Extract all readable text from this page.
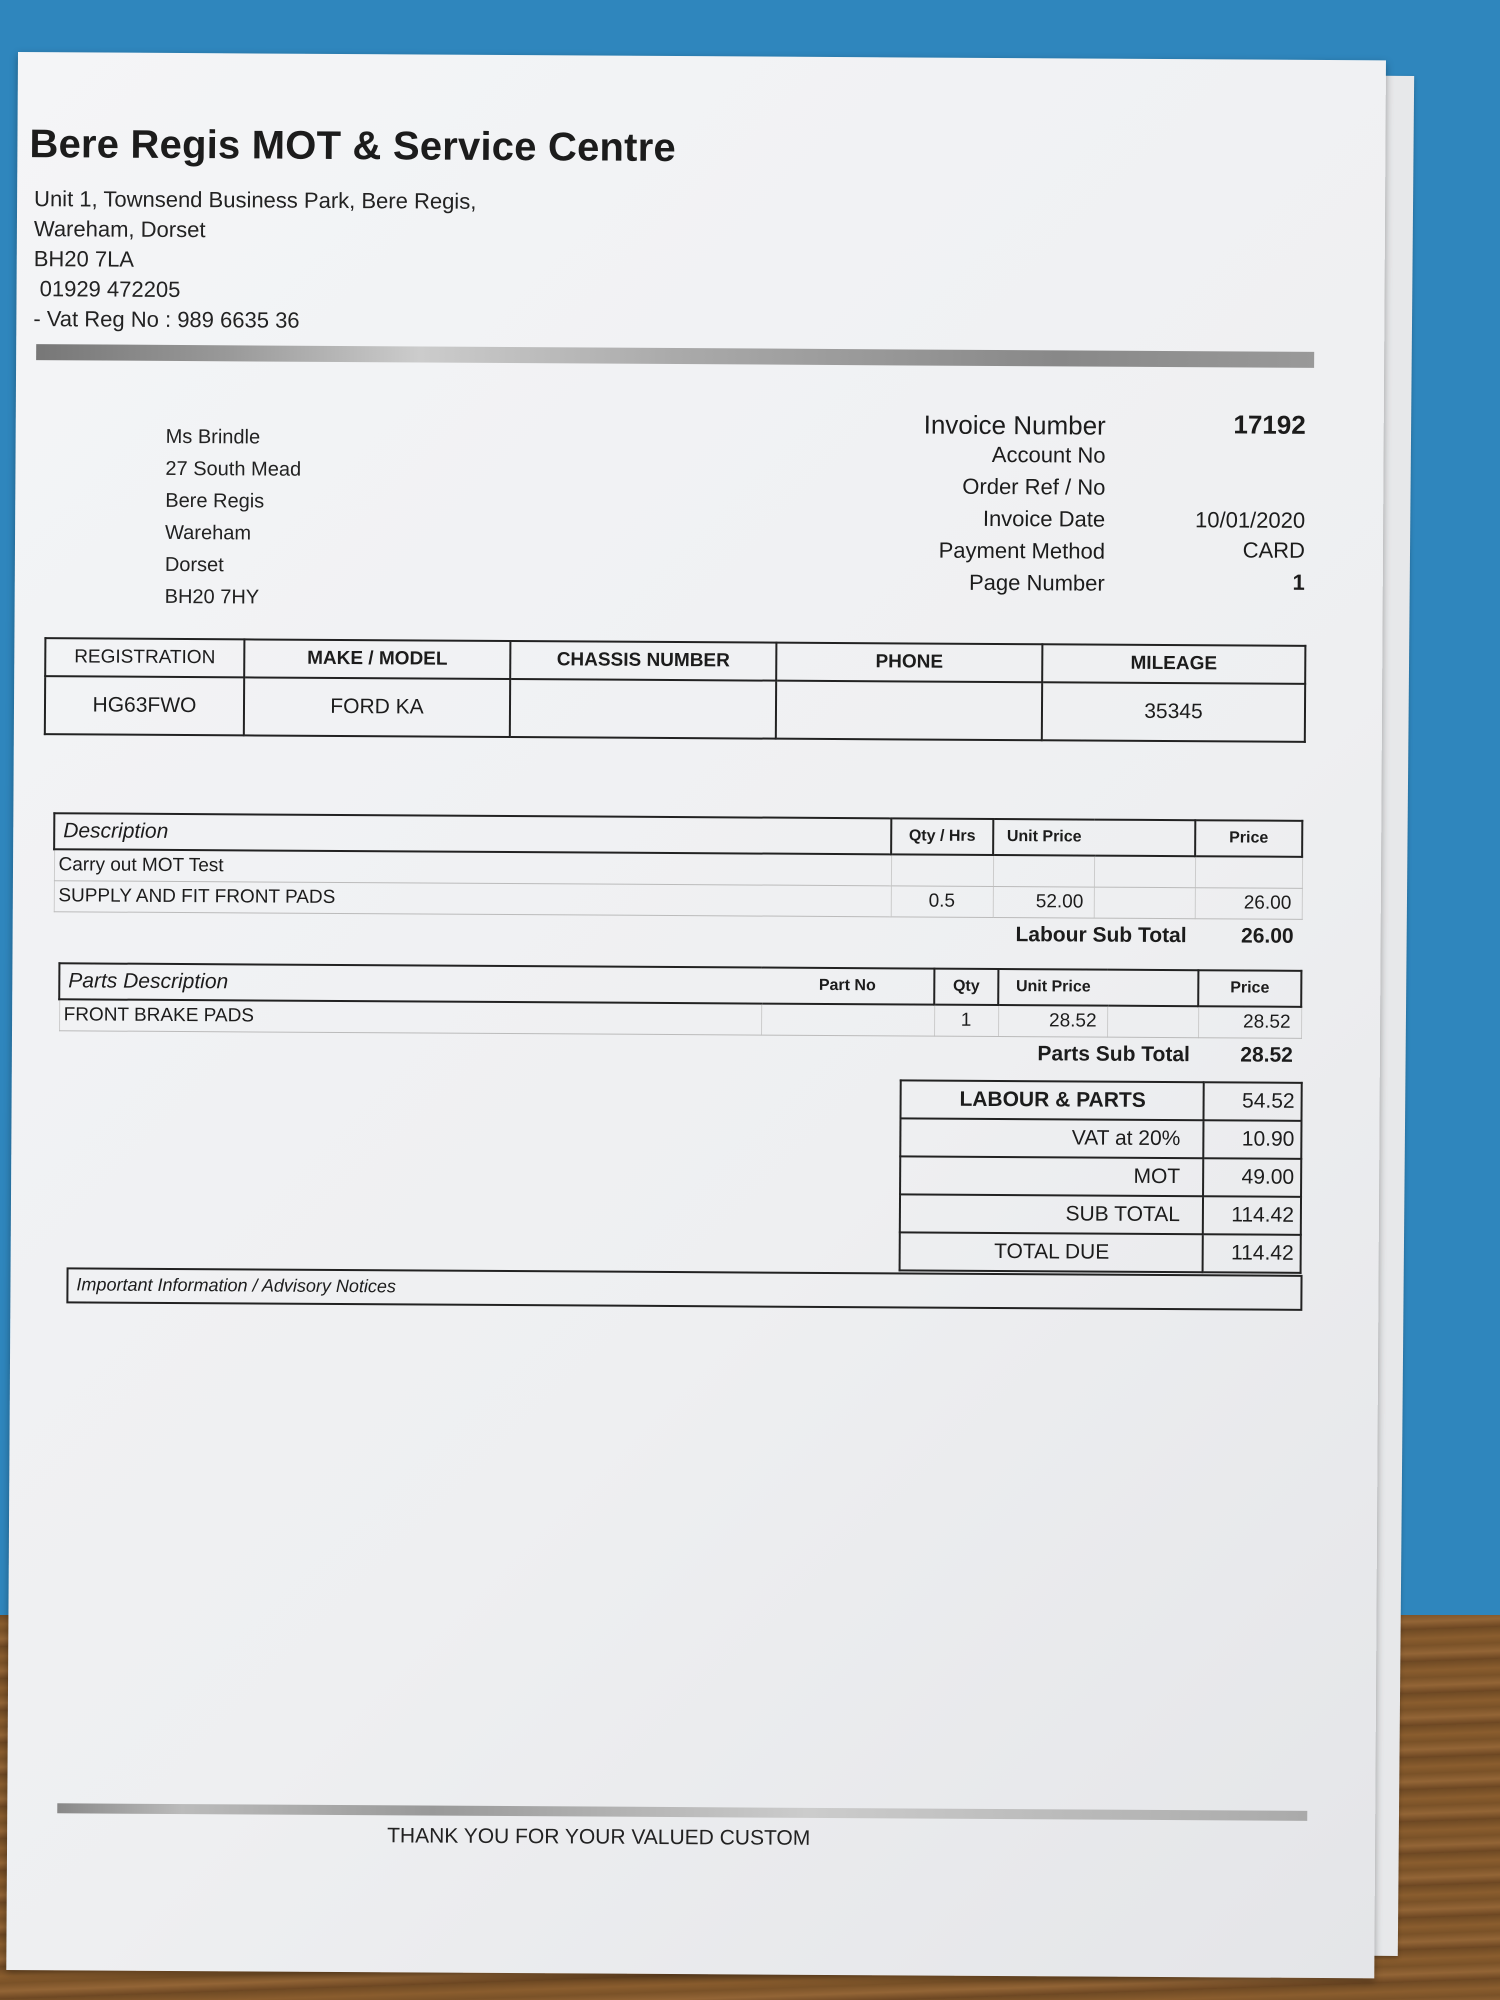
Bere Regis MOT & Service Centre
Unit 1, Townsend Business Park, Bere Regis,
Wareham, Dorset
BH20 7LA
01929 472205
- Vat Reg No : 989 6635 36
Ms Brindle
27 South Mead
Bere Regis
Wareham
Dorset
BH20 7HY
Invoice Number	17192
Account No
Order Ref / No
Invoice Date	10/01/2020
Payment Method	CARD
Page Number	1
REGISTRATION	MAKE / MODEL	CHASSIS NUMBER	PHONE	MILEAGE
HG63FWO	FORD KA			35345
Description	Qty / Hrs	Unit Price		Price
Carry out MOT Test				
SUPPLY AND FIT FRONT PADS	0.5	52.00		26.00
Labour Sub Total				26.00
Parts Description	Part No	Qty	Unit Price		Price
FRONT BRAKE PADS		1	28.52		28.52
Parts Sub Total					28.52
LABOUR & PARTS	54.52
VAT at 20%	10.90
MOT	49.00
SUB TOTAL	114.42
TOTAL DUE	114.42
Important Information / Advisory Notices
THANK YOU FOR YOUR VALUED CUSTOM
